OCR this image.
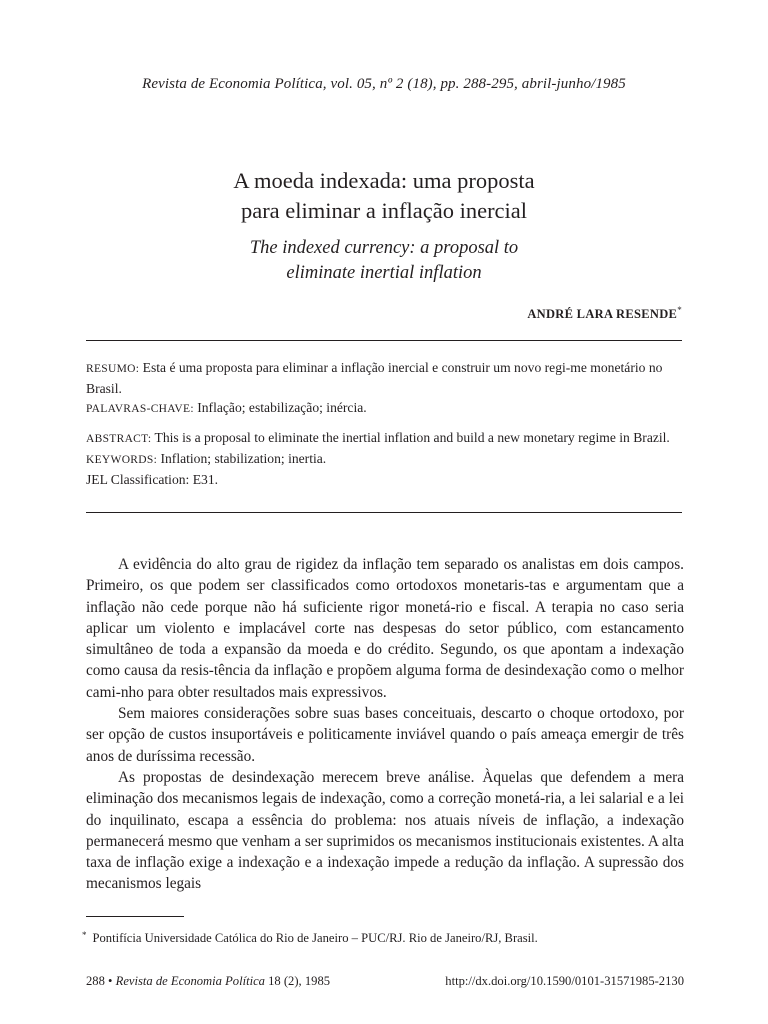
Revista de Economia Política, vol. 05, nº 2 (18), pp. 288-295, abril-junho/1985
A moeda indexada: uma proposta
para eliminar a inflação inercial
The indexed currency: a proposal to
eliminate inertial inflation
ANDRÉ LARA RESENDE*

RESUMO: Esta é uma proposta para eliminar a inflação inercial e construir um novo regi-me monetário no Brasil.

PALAVRAS-CHAVE: Inflação; estabilização; inércia.

ABSTRACT: This is a proposal to eliminate the inertial inflation and build a new monetary regime in Brazil.

KEYWORDS: Inflation; stabilization; inertia.

JEL Classification: E31.

A evidência do alto grau de rigidez da inflação tem separado os analistas em dois campos. Primeiro, os que podem ser classificados como ortodoxos monetaris-tas e argumentam que a inflação não cede porque não há suficiente rigor monetá-rio e fiscal. A terapia no caso seria aplicar um violento e implacável corte nas despesas do setor público, com estancamento simultâneo de toda a expansão da moeda e do crédito. Segundo, os que apontam a indexação como causa da resis-tência da inflação e propõem alguma forma de desindexação como o melhor cami-nho para obter resultados mais expressivos.

Sem maiores considerações sobre suas bases conceituais, descarto o choque ortodoxo, por ser opção de custos insuportáveis e politicamente inviável quando o país ameaça emergir de três anos de duríssima recessão.

As propostas de desindexação merecem breve análise. Àquelas que defendem a mera eliminação dos mecanismos legais de indexação, como a correção monetá-ria, a lei salarial e a lei do inquilinato, escapa a essência do problema: nos atuais níveis de inflação, a indexação permanecerá mesmo que venham a ser suprimidos os mecanismos institucionais existentes. A alta taxa de inflação exige a indexação e a indexação impede a redução da inflação. A supressão dos mecanismos legais

* Pontifícia Universidade Católica do Rio de Janeiro – PUC/RJ. Rio de Janeiro/RJ, Brasil.
288 • Revista de Economia Política 18 (2), 1985	http://dx.doi.org/10.1590/0101-31571985-2130
